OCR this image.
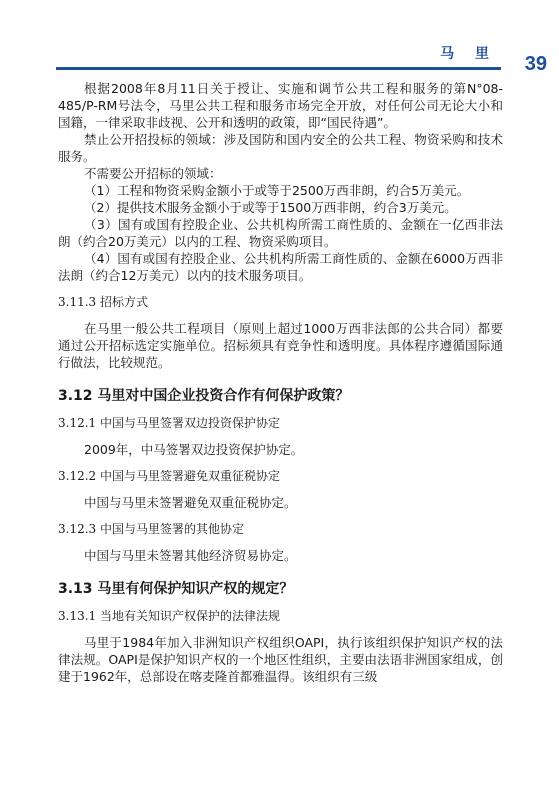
马 里 39

根据2008年8月11日关于授让、实施和调节公共工程和服务的第N°08-485/P-RM号法令，马里公共工程和服务市场完全开放，对任何公司无论大小和国籍，一律采取非歧视、公开和透明的政策，即“国民待遇”。

禁止公开招投标的领域：涉及国防和国内安全的公共工程、物资采购和技术服务。

不需要公开招标的领域：

（1）工程和物资采购金额小于或等于2500万西非朗，约合5万美元。

（2）提供技术服务金额小于或等于1500万西非朗，约合3万美元。

（3）国有或国有控股企业、公共机构所需工商性质的、金额在一亿西非法朗（约合20万美元）以内的工程、物资采购项目。

（4）国有或国有控股企业、公共机构所需工商性质的、金额在6000万西非法朗（约合12万美元）以内的技术服务项目。

3.11.3 招标方式

在马里一般公共工程项目（原则上超过1000万西非法郎的公共合同）都要通过公开招标选定实施单位。招标须具有竞争性和透明度。具体程序遵循国际通行做法，比较规范。

3.12 马里对中国企业投资合作有何保护政策？
3.12.1 中国与马里签署双边投资保护协定

2009年，中马签署双边投资保护协定。

3.12.2 中国与马里签署避免双重征税协定

中国与马里未签署避免双重征税协定。

3.12.3 中国与马里签署的其他协定

中国与马里未签署其他经济贸易协定。

3.13 马里有何保护知识产权的规定？
3.13.1 当地有关知识产权保护的法律法规

马里于1984年加入非洲知识产权组织OAPI，执行该组织保护知识产权的法律法规。OAPI是保护知识产权的一个地区性组织，主要由法语非洲国家组成，创建于1962年，总部设在喀麦隆首都雅温得。该组织有三级
